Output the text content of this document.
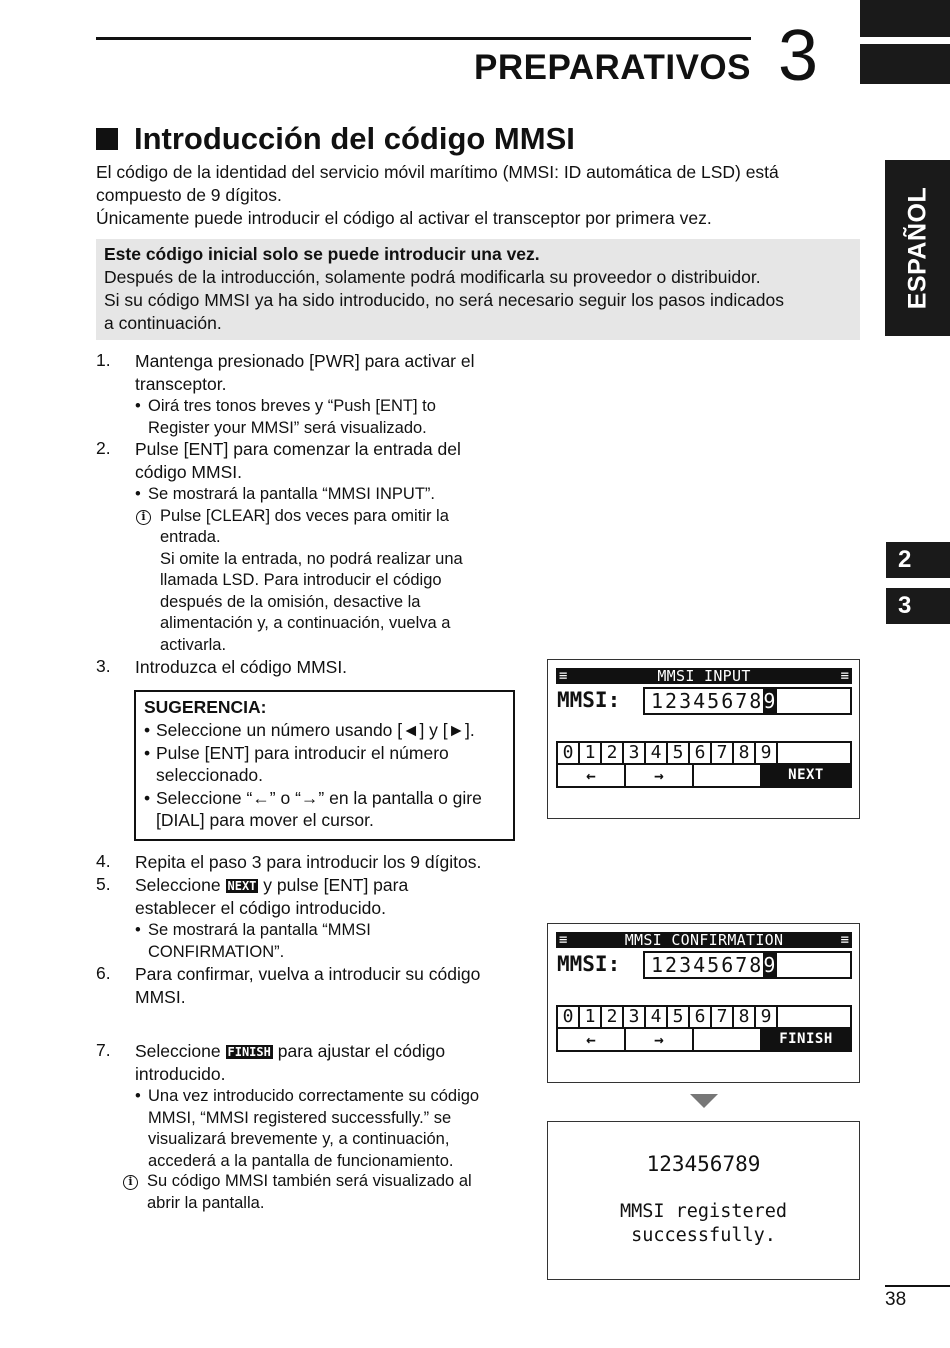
PREPARATIVOS 3
ESPAÑOL
2
3
Introducción del código MMSI
El código de la identidad del servicio móvil marítimo (MMSI: ID automática de LSD) está
compuesto de 9 dígitos.
Únicamente puede introducir el código al activar el transceptor por primera vez.
Este código inicial solo se puede introducir una vez.
Después de la introducción, solamente podrá modificarla su proveedor o distribuidor.
Si su código MMSI ya ha sido introducido, no será necesario seguir los pasos indicados
a continuación.
1. Mantenga presionado [PWR] para activar el
transceptor.
• Oirá tres tonos breves y “Push [ENT] to
Register your MMSI” será visualizado.
2. Pulse [ENT] para comenzar la entrada del
código MMSI.
• Se mostrará la pantalla “MMSI INPUT”.
i Pulse [CLEAR] dos veces para omitir la
entrada.
Si omite la entrada, no podrá realizar una
llamada LSD. Para introducir el código
después de la omisión, desactive la
alimentación y, a continuación, vuelva a
activarla.
3. Introduzca el código MMSI.
SUGERENCIA:
• Seleccione un número usando [◄] y [►].
• Pulse [ENT] para introducir el número
seleccionado.
• Seleccione “←” o “→” en la pantalla o gire
[DIAL] para mover el cursor.
4. Repita el paso 3 para introducir los 9 dígitos.
5. Seleccione NEXT y pulse [ENT] para
establecer el código introducido.
• Se mostrará la pantalla “MMSI
CONFIRMATION”.
6. Para confirmar, vuelva a introducir su código
MMSI.
7. Seleccione FINISH para ajustar el código
introducido.
• Una vez introducido correctamente su código
MMSI, “MMSI registered successfully.” se
visualizará brevemente y, a continuación,
accederá a la pantalla de funcionamiento.
i Su código MMSI también será visualizado al
abrir la pantalla.
≡	MMSI INPUT	≡
MMSI:	123456789
0 1 2 3 4 5 6 7 8 9
←	→	NEXT
≡	MMSI CONFIRMATION	≡
MMSI:	123456789
0 1 2 3 4 5 6 7 8 9
←	→	FINISH
123456789
MMSI registered
successfully.
38
